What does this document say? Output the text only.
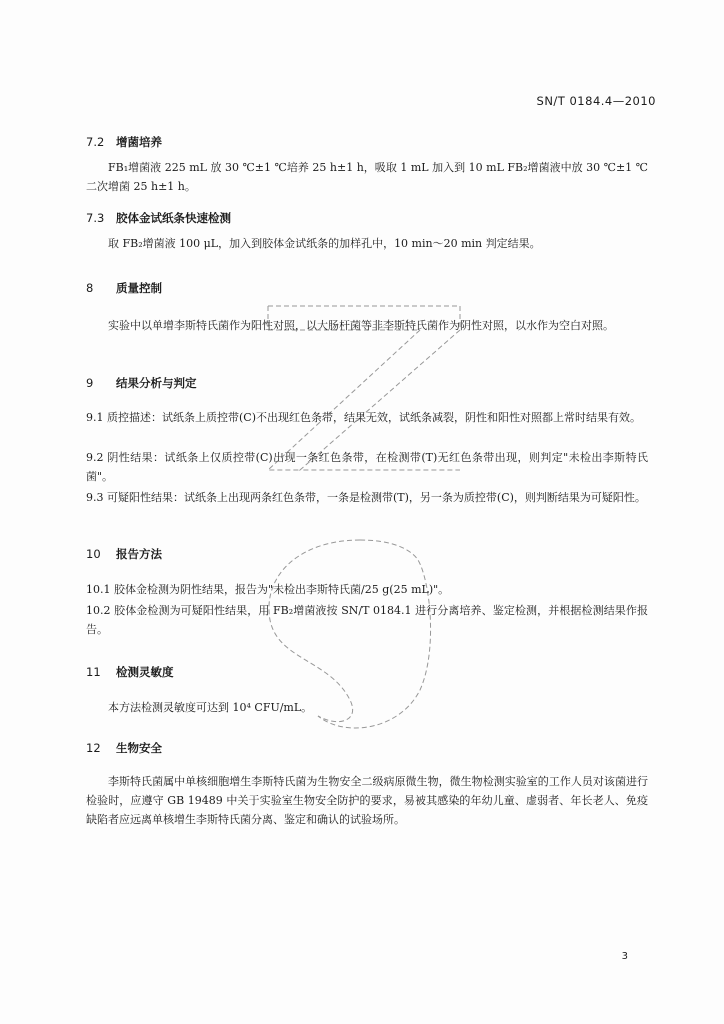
SN/T 0184.4—2010
7.2 增菌培养
FB₁增菌液 225 mL 放 30 ℃±1 ℃培养 25 h±1 h，吸取 1 mL 加入到 10 mL FB₂增菌液中放 30 ℃±1 ℃二次增菌 25 h±1 h。
7.3 胶体金试纸条快速检测
取 FB₂增菌液 100 μL，加入到胶体金试纸条的加样孔中，10 min～20 min 判定结果。
8 质量控制
实验中以单增李斯特氏菌作为阳性对照，以大肠杆菌等非李斯特氏菌作为阴性对照，以水作为空白对照。
9 结果分析与判定
9.1 质控描述：试纸条上质控带(C)不出现红色条带，结果无效，试纸条减裂，阴性和阳性对照都上常时结果有效。
9.2 阴性结果：试纸条上仅质控带(C)出现一条红色条带，在检测带(T)无红色条带出现，则判定"未检出李斯特氏菌"。
9.3 可疑阳性结果：试纸条上出现两条红色条带，一条是检测带(T)，另一条为质控带(C)，则判断结果为可疑阳性。
10 报告方法
10.1 胶体金检测为阴性结果，报告为"未检出李斯特氏菌/25 g(25 mL)"。
10.2 胶体金检测为可疑阳性结果，用 FB₂增菌液按 SN/T 0184.1 进行分离培养、鉴定检测，并根据检测结果作报告。
11 检测灵敏度
本方法检测灵敏度可达到 10⁴ CFU/mL。
12 生物安全
李斯特氏菌属中单核细胞增生李斯特氏菌为生物安全二级病原微生物，微生物检测实验室的工作人员对该菌进行检验时，应遵守 GB 19489 中关于实验室生物安全防护的要求，易被其感染的年幼儿童、虚弱者、年长老人、免疫缺陷者应远离单核增生李斯特氏菌分离、鉴定和确认的试验场所。
3
